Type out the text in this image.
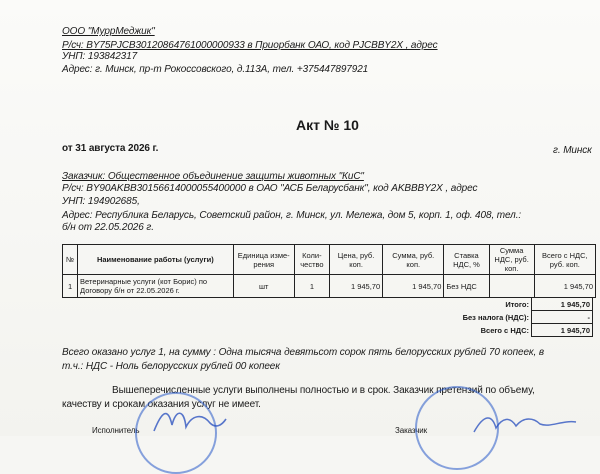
ООО "МуррМеджик"
Р/сч: BY75PJCB30120864761000000933 в Приорбанк ОАО, код PJCBBY2X , адрес
УНП: 193842317
Адрес: г. Минск, пр-т Рокоссовского, д.113А, тел. +375447897921
Акт № 10
от 31 августа 2026 г.	г. Минск
Заказчик: Общественное объединение защиты животных "КиС"
Р/сч: BY90AKBB30156614000055400000 в ОАО "АСБ Беларусбанк", код AKBBBY2X , адрес
УНП: 194902685,
Адрес: Республика Беларусь, Советский район, г. Минск, ул. Мележа, дом 5, корп. 1, оф. 408, тел.:
б/н от 22.05.2026 г.
№	Наименование работы (услуги)	Единица изме-рения	Коли-чество	Цена, руб. коп.	Сумма, руб. коп.	Ставка НДС, %	Сумма НДС, руб. коп.	Всего с НДС, руб. коп.
1	Ветеринарные услуги (кот Борис) по Договору б/н от 22.05.2026 г.	шт	1	1 945,70	1 945,70	Без НДС		1 945,70
Итого:	1 945,70
Без налога (НДС):	-
Всего с НДС:	1 945,70
Всего оказано услуг 1, на сумму : Одна тысяча девятьсот сорок пять белорусских рублей 70 копеек, в
т.ч.: НДС - Ноль белорусских рублей 00 копеек
Вышеперечисленные услуги выполнены полностью и в срок. Заказчик претензий по объему,
качеству и срокам оказания услуг не имеет.
Исполнитель	Заказчик
